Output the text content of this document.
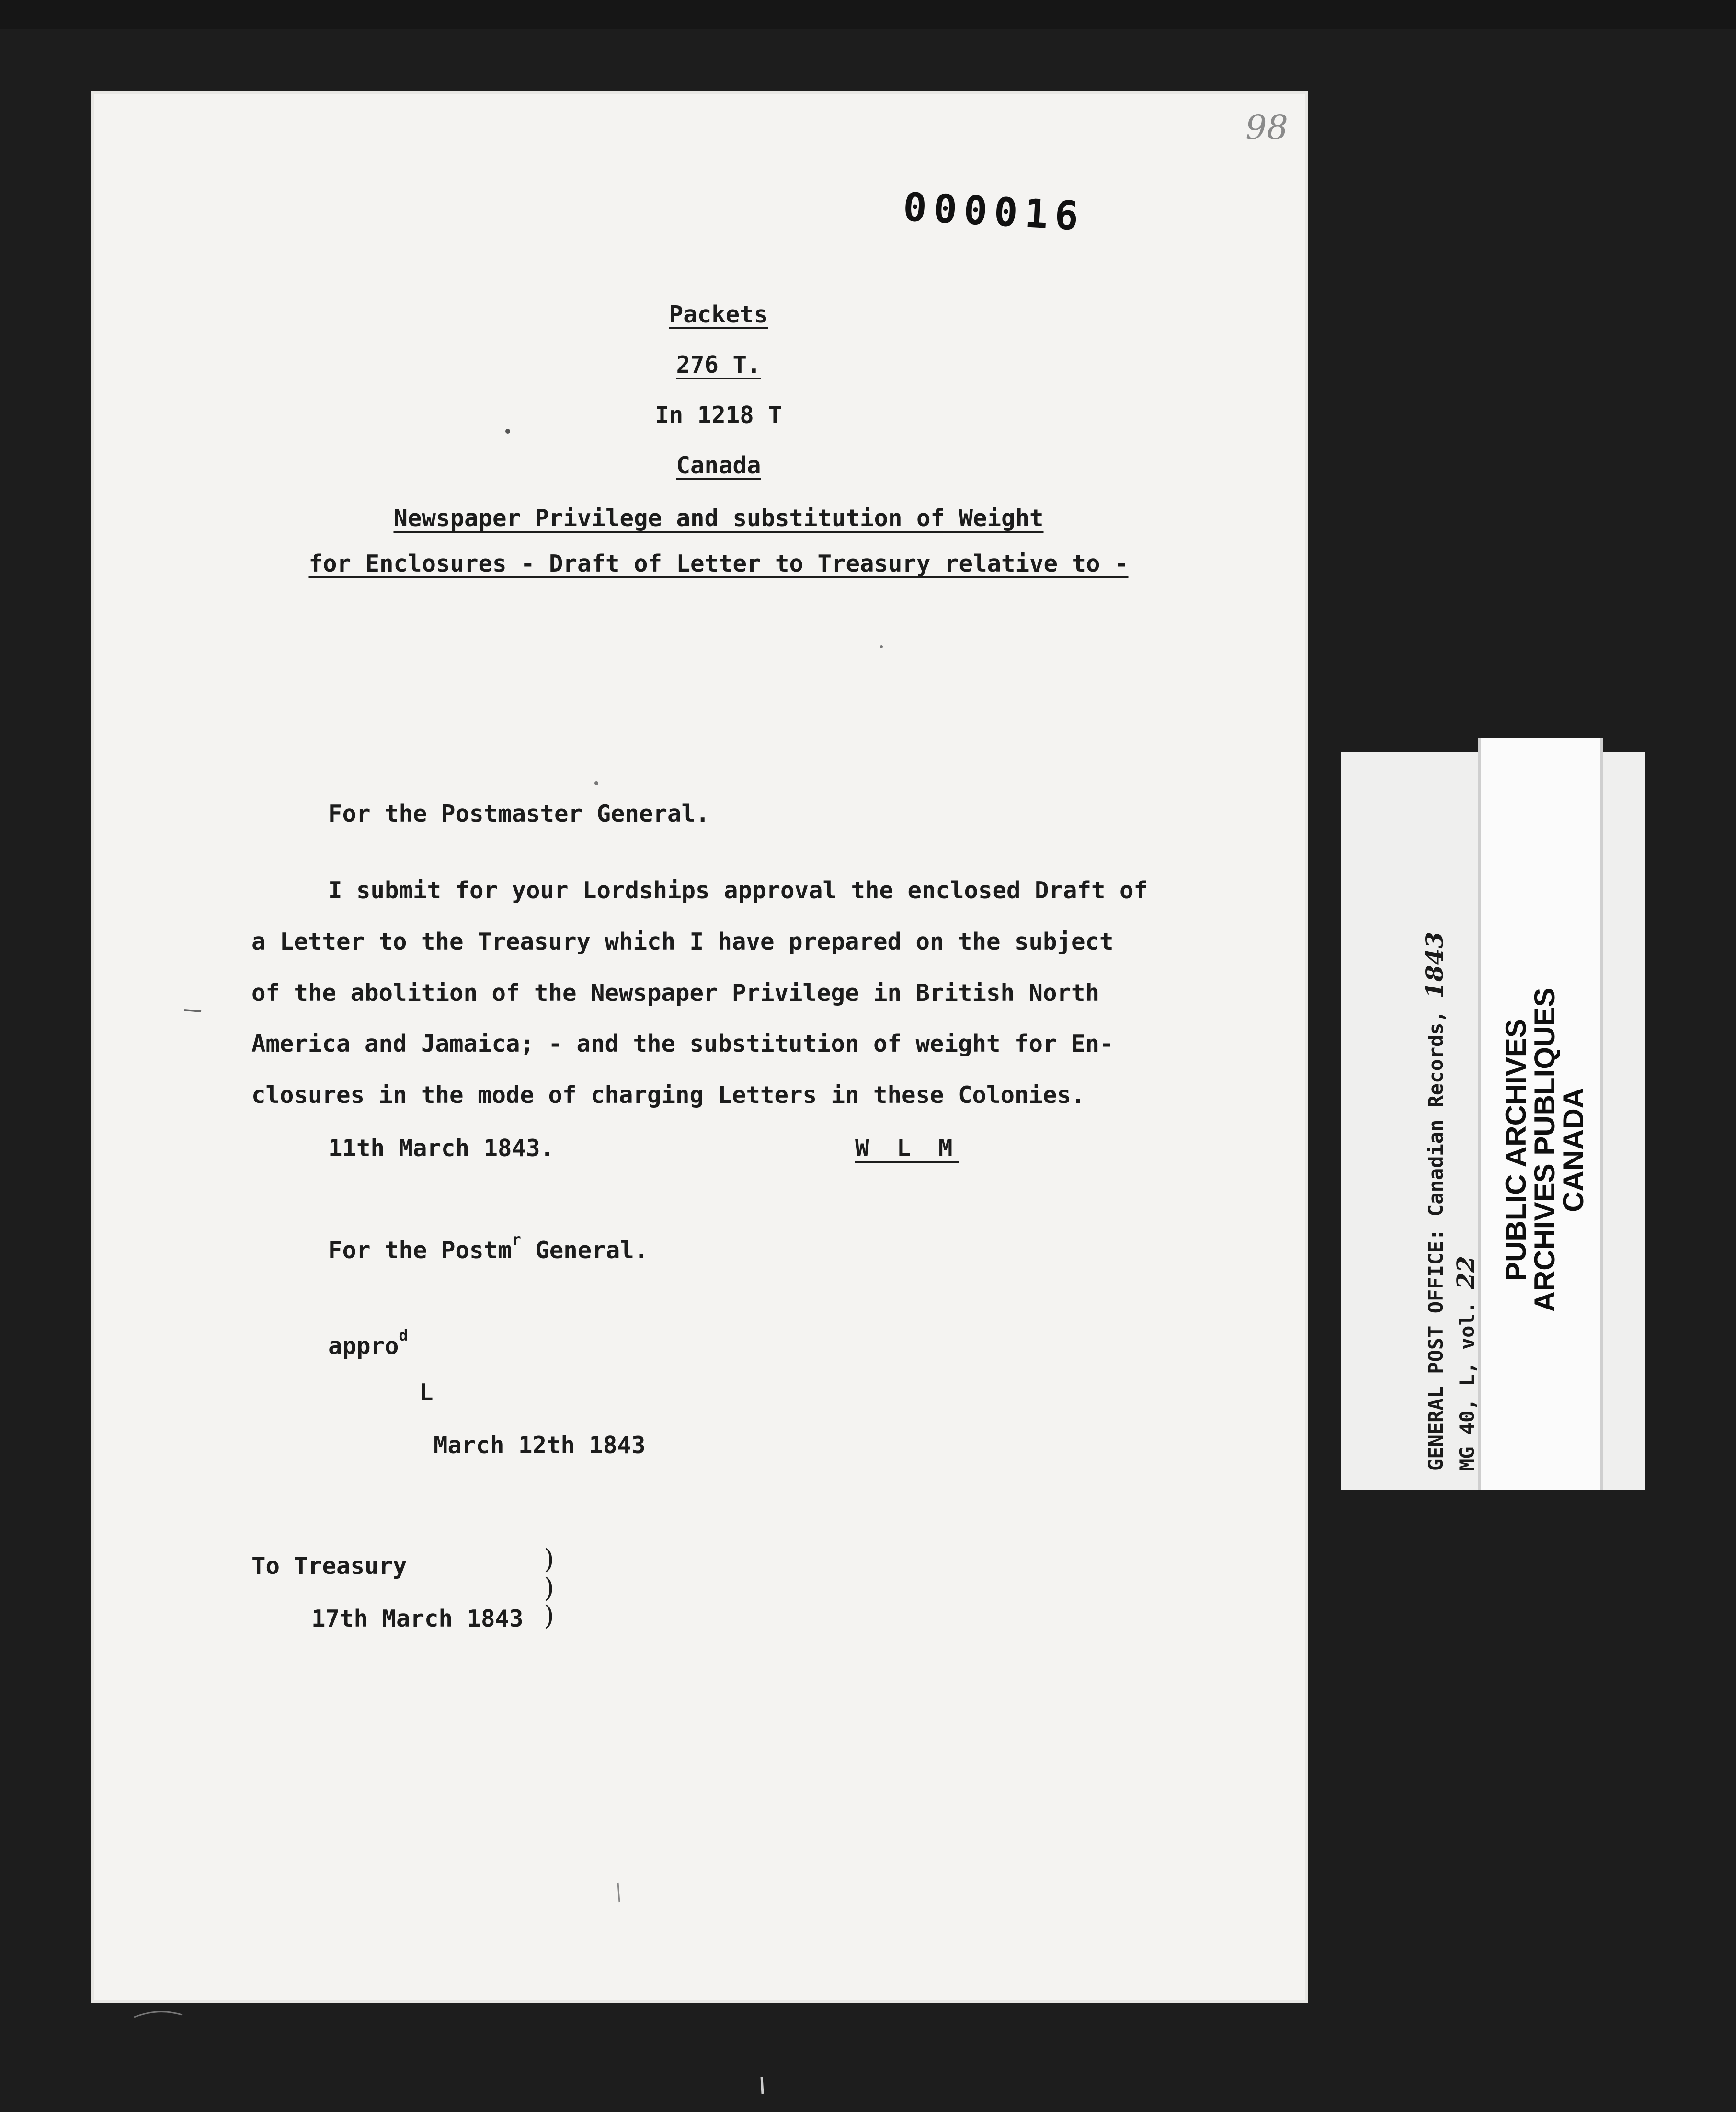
98
000016
Packets
276 T.
In 1218 T
Canada
Newspaper Privilege and substitution of Weight
for Enclosures - Draft of Letter to Treasury relative to -
For the Postmaster General.
I submit for your Lordships approval the enclosed Draft of
a Letter to the Treasury which I have prepared on the subject
of the abolition of the Newspaper Privilege in British North
America and Jamaica; - and the substitution of weight for En-
closures in the mode of charging Letters in these Colonies.
11th March 1843.	W L M
For the Postm$^r$ General.
appro$^d$
L
March 12th 1843
To Treasury
17th March 1843
)
)
)
GENERAL POST OFFICE: Canadian Records, 1843
MG 40, L, vol. 22 PUBLIC ARCHIVES
ARCHIVES PUBLIQUES
CANADA
